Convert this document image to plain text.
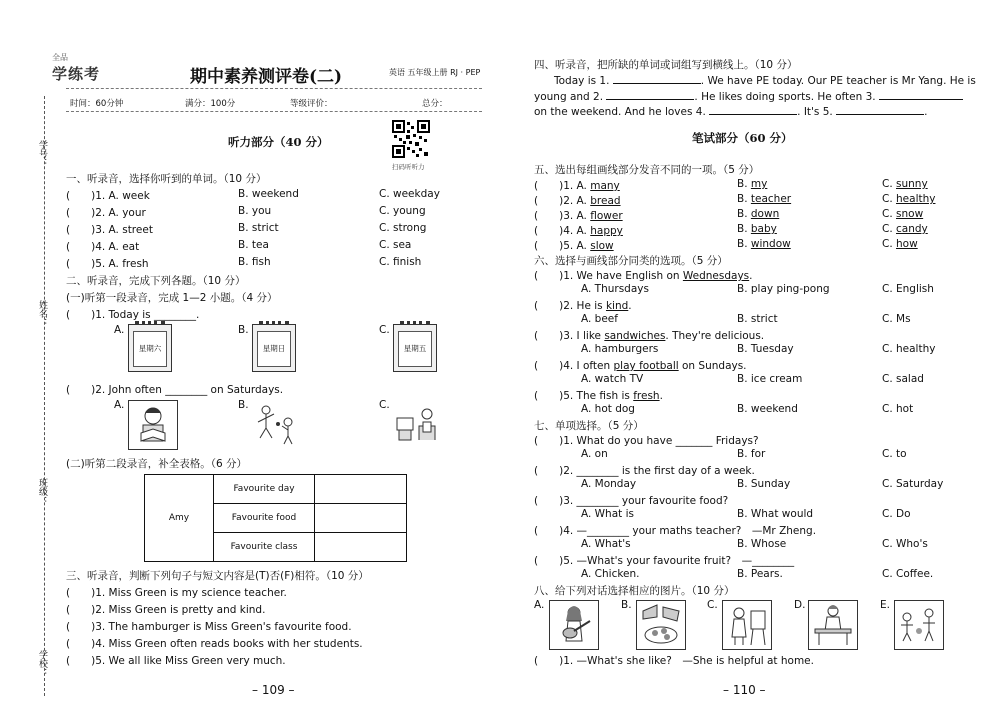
学号：
姓名：
班级：
学校：
全品
学练考	期中素养测评卷(二)	英语 五年级上册 RJ · PEP
时间：60分钟	满分：100分	等级评价：	总分：
扫码听听力
听力部分（40 分）
一、听录音，选择你听到的单词。（10 分）
(　　)1. A. week	B. weekend	C. weekday
(　　)2. A. your	B. you	C. young
(　　)3. A. street	B. strict	C. strong
(　　)4. A. eat	B. tea	C. sea
(　　)5. A. fresh	B. fish	C. finish
二、听录音，完成下列各题。（10 分）
(一)听第一段录音，完成 1—2 小题。（4 分）
(　　)1. Today is ________.
A.	B.	C.
星期六	星期日	星期五
(　　)2. John often ________ on Saturdays.
A.	B.	C.
(二)听第二段录音，补全表格。（6 分）
Amy	Favourite day	
	Favourite food	
	Favourite class	
三、听录音，判断下列句子与短文内容是(T)否(F)相符。（10 分）
(　　)1. Miss Green is my science teacher.
(　　)2. Miss Green is pretty and kind.
(　　)3. The hamburger is Miss Green's favourite food.
(　　)4. Miss Green often reads books with her students.
(　　)5. We all like Miss Green very much.
– 109 –
四、听录音，把所缺的单词或词组写到横线上。（10 分）
Today is 1.	. We have PE today. Our PE teacher is Mr Yang. He is
young and 2.	. He likes doing sports. He often 3.
on the weekend. And he loves 4.	. It's 5.	.
笔试部分（60 分）
五、选出每组画线部分发音不同的一项。（5 分）
(　　)1. A. many	B. my	C. sunny
(　　)2. A. bread	B. teacher	C. healthy
(　　)3. A. flower	B. down	C. snow
(　　)4. A. happy	B. baby	C. candy
(　　)5. A. slow	B. window	C. how
六、选择与画线部分同类的选项。（5 分）
(　　)1. We have English on Wednesdays.
A. Thursdays	B. play ping-pong	C. English
(　　)2. He is kind.
A. beef	B. strict	C. Ms
(　　)3. I like sandwiches. They're delicious.
A. hamburgers	B. Tuesday	C. healthy
(　　)4. I often play football on Sundays.
A. watch TV	B. ice cream	C. salad
(　　)5. The fish is fresh.
A. hot dog	B. weekend	C. hot
七、单项选择。（5 分）
(　　)1. What do you have _______ Fridays?
A. on	B. for	C. to
(　　)2. ________ is the first day of a week.
A. Monday	B. Sunday	C. Saturday
(　　)3. ________ your favourite food?
A. What is	B. What would	C. Do
(　　)4. —________ your maths teacher?　—Mr Zheng.
A. What's	B. Whose	C. Who's
(　　)5. —What's your favourite fruit?　—________
A. Chicken.	B. Pears.	C. Coffee.
八、给下列对话选择相应的图片。（10 分）
A.	B.	C.	D.	E.
(　　)1. —What's she like?　—She is helpful at home.
– 110 –
